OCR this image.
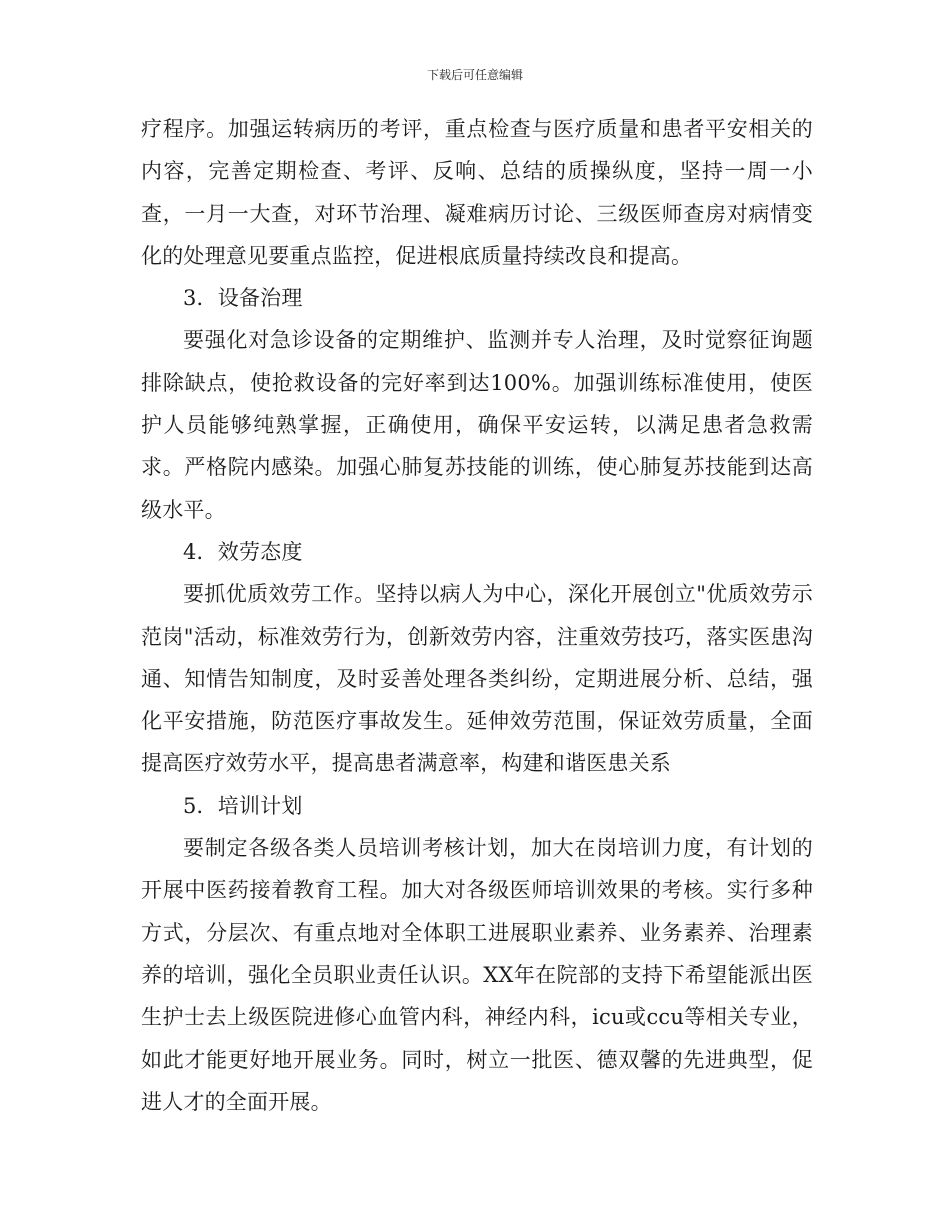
下载后可任意编辑

疗程序。加强运转病历的考评，重点检查与医疗质量和患者平安相关的内容，完善定期检查、考评、反响、总结的质操纵度，坚持一周一小查，一月一大查，对环节治理、凝难病历讨论、三级医师查房对病情变化的处理意见要重点监控，促进根底质量持续改良和提高。

3．设备治理

要强化对急诊设备的定期维护、监测并专人治理，及时觉察征询题排除缺点，使抢救设备的完好率到达100%。加强训练标准使用，使医护人员能够纯熟掌握，正确使用，确保平安运转，以满足患者急救需求。严格院内感染。加强心肺复苏技能的训练，使心肺复苏技能到达高级水平。

4．效劳态度

要抓优质效劳工作。坚持以病人为中心，深化开展创立"优质效劳示范岗"活动，标准效劳行为，创新效劳内容，注重效劳技巧，落实医患沟通、知情告知制度，及时妥善处理各类纠纷，定期进展分析、总结，强化平安措施，防范医疗事故发生。延伸效劳范围，保证效劳质量，全面提高医疗效劳水平，提高患者满意率，构建和谐医患关系

5．培训计划

要制定各级各类人员培训考核计划，加大在岗培训力度，有计划的开展中医药接着教育工程。加大对各级医师培训效果的考核。实行多种方式，分层次、有重点地对全体职工进展职业素养、业务素养、治理素养的培训，强化全员职业责任认识。XX年在院部的支持下希望能派出医生护士去上级医院进修心血管内科，神经内科，icu或ccu等相关专业，如此才能更好地开展业务。同时，树立一批医、德双馨的先进典型，促进人才的全面开展。
